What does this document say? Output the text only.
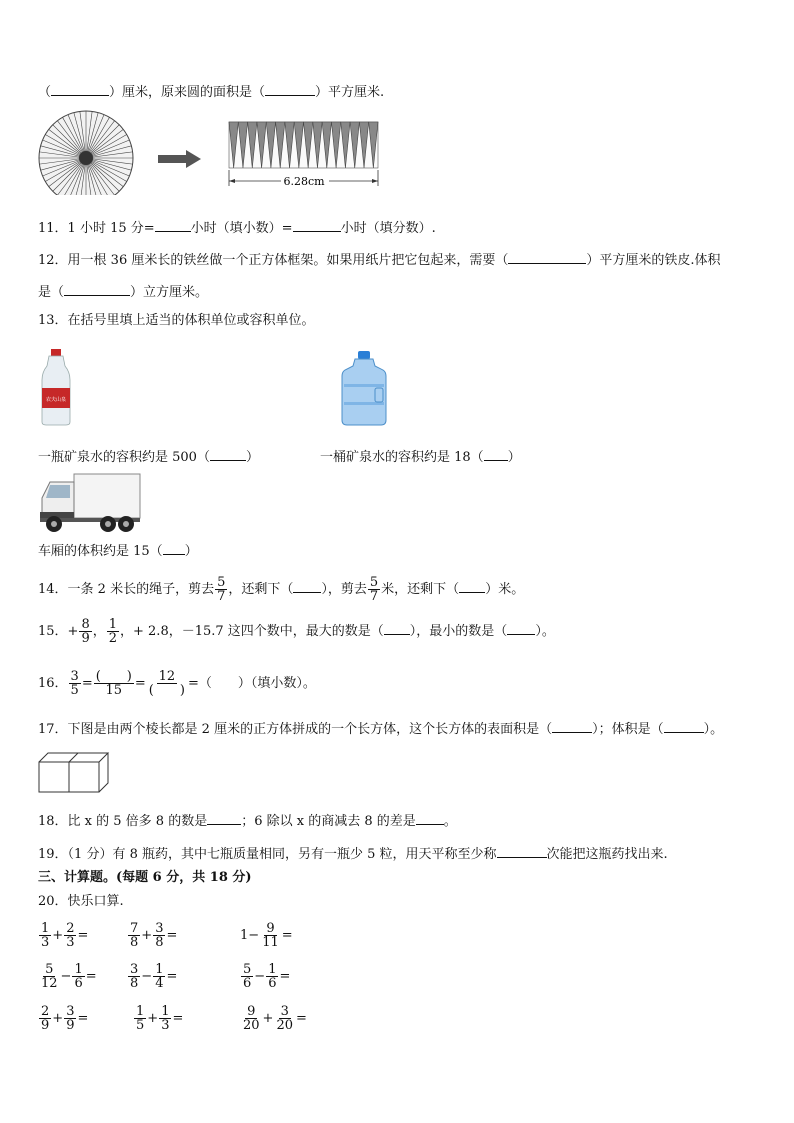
（	）厘米，原来圆的面积是（	）平方厘米.
6.28cm
11．1 小时 15 分=	小时（填小数）=	小时（填分数）.
12．用一根 36 厘米长的铁丝做一个正方体框架。如果用纸片把它包起来，需要（	）平方厘米的铁皮.体积
是（	）立方厘米。
13．在括号里填上适当的体积单位或容积单位。
农夫山泉
一瓶矿泉水的容积约是 500（	）	一桶矿泉水的容积约是 18（ ）
车厢的体积约是 15（ ）
14．一条 2 米长的绳子，剪去 $\frac{5}{7}$ ，还剩下（ ），剪去 $\frac{5}{7}$ 米，还剩下（ ）米。
15．+ $\frac{8}{9}$ ， $\frac{1}{2}$ ，+ 2.8，－15.7 这四个数中，最大的数是（ ），最小的数是（ ）。
16． $\frac{3}{5} = \frac{( )}{15} = \frac{12}{( )}$ =（　　）（填小数）。
17．下图是由两个棱长都是 2 厘米的正方体拼成的一个长方体，这个长方体的表面积是（	）；体积是（	）。
18．比 x 的 5 倍多 8 的数是	；6 除以 x 的商减去 8 的差是 。
19．（1 分）有 8 瓶药，其中七瓶质量相同，另有一瓶少 5 粒，用天平称至少称	次能把这瓶药找出来.
三、计算题。(每题 6 分，共 18 分)
20．快乐口算.
$\frac{1}{3} + \frac{2}{3}$ =	$\frac{7}{8} + \frac{3}{8}$ =	$1- \frac{9}{11}$ =
$\frac{5}{12} - \frac{1}{6} = \frac{3}{8} - \frac{1}{4}$ =	$\frac{5}{6} - \frac{1}{6}$ =
$\frac{2}{9} + \frac{3}{9}$ =	$\frac{1}{5} + \frac{1}{3}$ =	$\frac{9}{20} + \frac{3}{20}$ =
